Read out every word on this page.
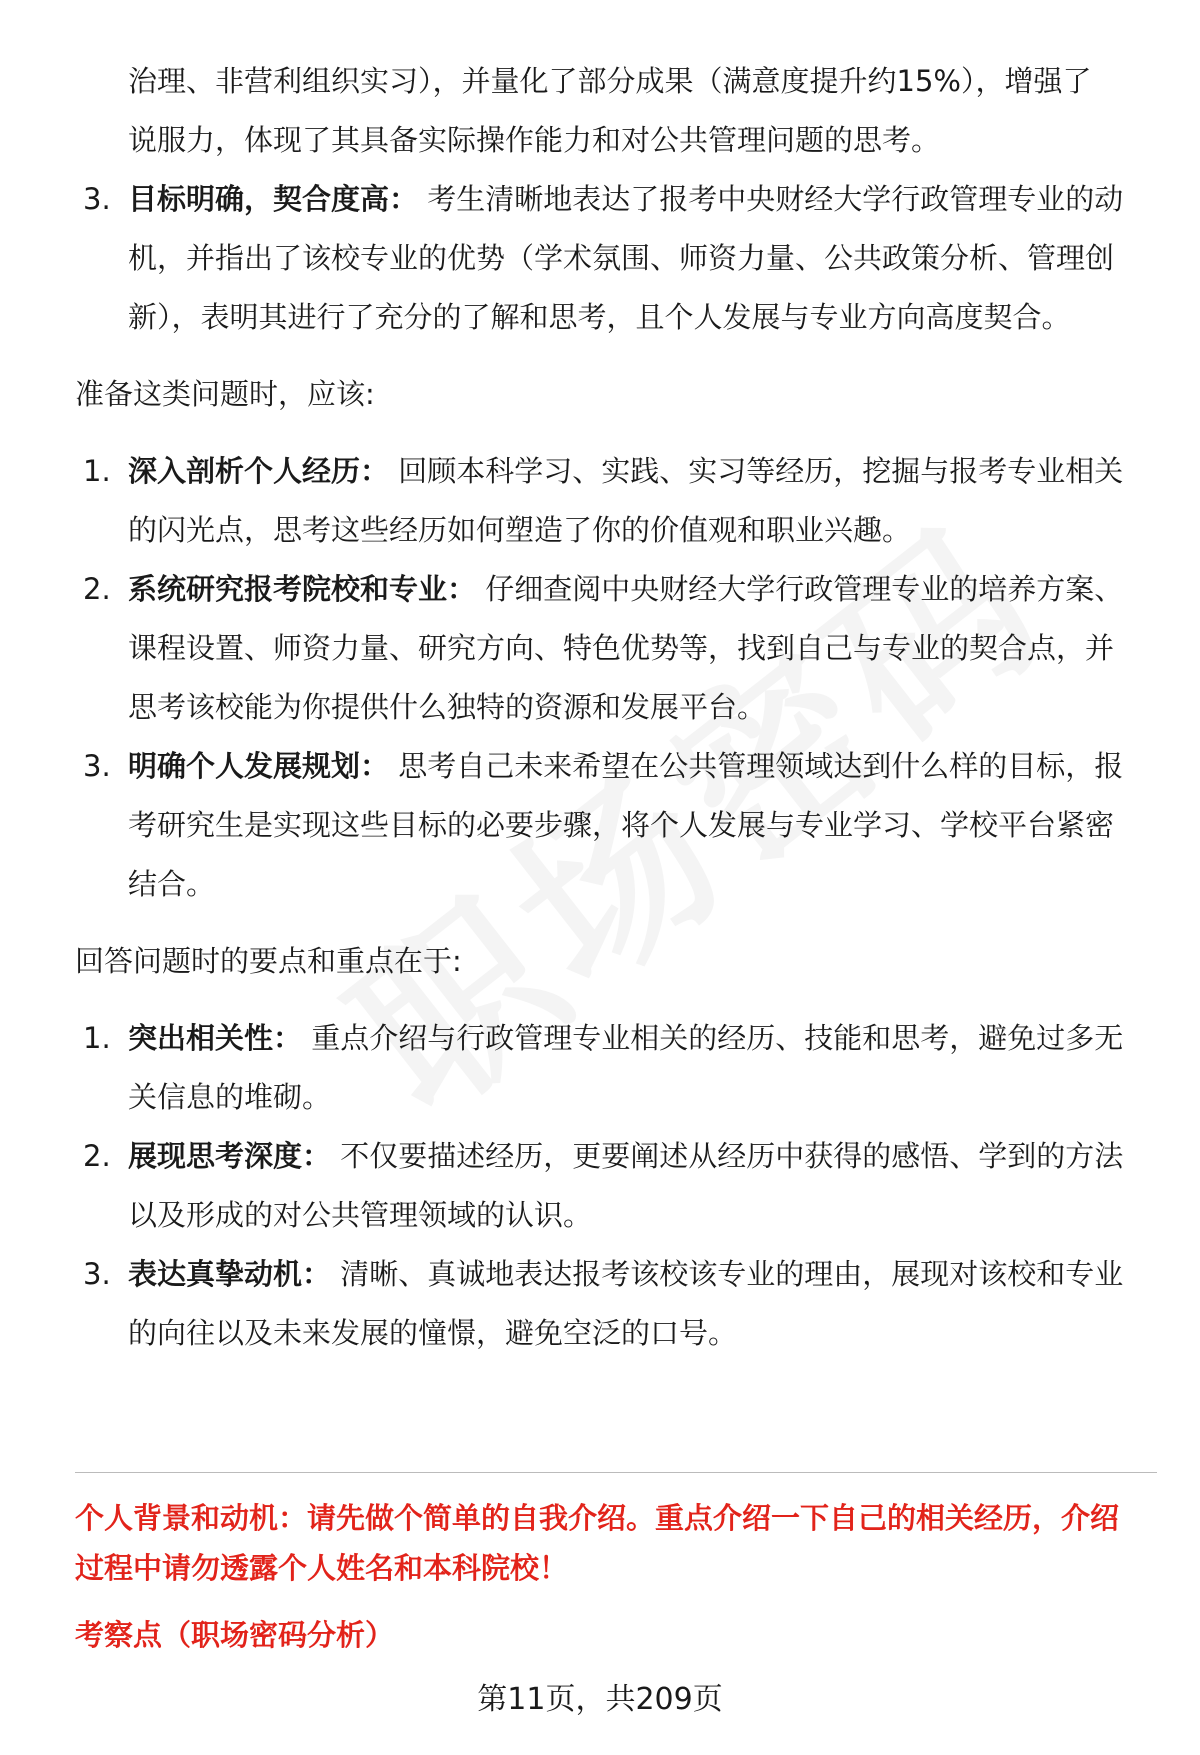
治理、非营利组织实习），并量化了部分成果（满意度提升约15%），增强了
说服力，体现了其具备实际操作能力和对公共管理问题的思考。
3. 目标明确，契合度高： 考生清晰地表达了报考中央财经大学行政管理专业的动
机，并指出了该校专业的优势（学术氛围、师资力量、公共政策分析、管理创
新），表明其进行了充分的了解和思考，且个人发展与专业方向高度契合。
准备这类问题时，应该:
1. 深入剖析个人经历： 回顾本科学习、实践、实习等经历，挖掘与报考专业相关
的闪光点，思考这些经历如何塑造了你的价值观和职业兴趣。
2. 系统研究报考院校和专业： 仔细查阅中央财经大学行政管理专业的培养方案、
课程设置、师资力量、研究方向、特色优势等，找到自己与专业的契合点，并
思考该校能为你提供什么独特的资源和发展平台。
3. 明确个人发展规划： 思考自己未来希望在公共管理领域达到什么样的目标，报
考研究生是实现这些目标的必要步骤，将个人发展与专业学习、学校平台紧密
结合。
回答问题时的要点和重点在于:
1. 突出相关性： 重点介绍与行政管理专业相关的经历、技能和思考，避免过多无
关信息的堆砌。
2. 展现思考深度： 不仅要描述经历，更要阐述从经历中获得的感悟、学到的方法
以及形成的对公共管理领域的认识。
3. 表达真挚动机： 清晰、真诚地表达报考该校该专业的理由，展现对该校和专业
的向往以及未来发展的憧憬，避免空泛的口号。
个人背景和动机：请先做个简单的自我介绍。重点介绍一下自己的相关经历，介绍
过程中请勿透露个人姓名和本科院校！
考察点（职场密码分析）
第11页，共209页
